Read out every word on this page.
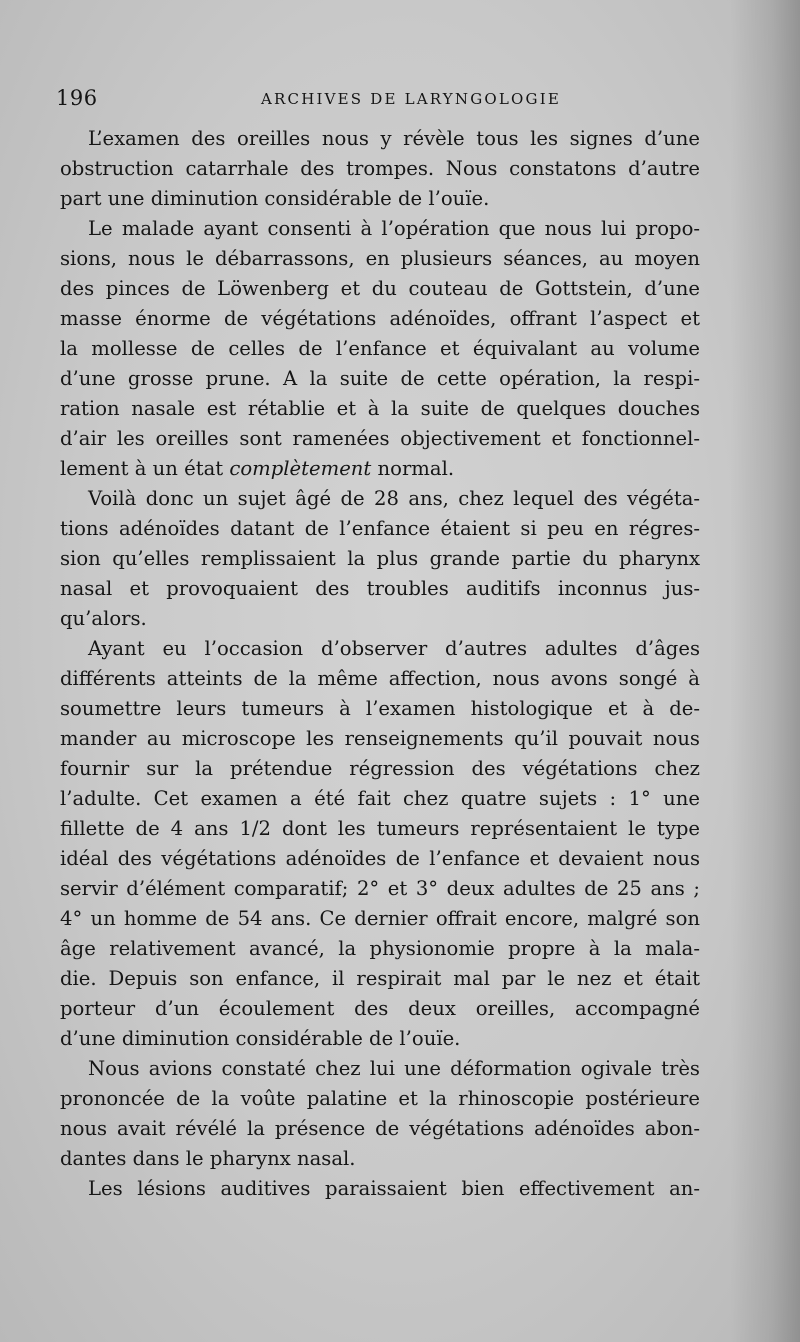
196	ARCHIVES DE LARYNGOLOGIE
L’examen des oreilles nous y révèle tous les signes d’une
obstruction catarrhale des trompes. Nous constatons d’autre
part une diminution considérable de l’ouïe.
Le malade ayant consenti à l’opération que nous lui propo-
sions, nous le débarrassons, en plusieurs séances, au moyen
des pinces de Löwenberg et du couteau de Gottstein, d’une
masse énorme de végétations adénoïdes, offrant l’aspect et
la mollesse de celles de l’enfance et équivalant au volume
d’une grosse prune. A la suite de cette opération, la respi-
ration nasale est rétablie et à la suite de quelques douches
d’air les oreilles sont ramenées objectivement et fonctionnel-
lement à un état complètement normal.
Voilà donc un sujet âgé de 28 ans, chez lequel des végéta-
tions adénoïdes datant de l’enfance étaient si peu en régres-
sion qu’elles remplissaient la plus grande partie du pharynx
nasal et provoquaient des troubles auditifs inconnus jus-
qu’alors.
Ayant eu l’occasion d’observer d’autres adultes d’âges
différents atteints de la même affection, nous avons songé à
soumettre leurs tumeurs à l’examen histologique et à de-
mander au microscope les renseignements qu’il pouvait nous
fournir sur la prétendue régression des végétations chez
l’adulte. Cet examen a été fait chez quatre sujets : 1° une
fillette de 4 ans 1/2 dont les tumeurs représentaient le type
idéal des végétations adénoïdes de l’enfance et devaient nous
servir d’élément comparatif; 2° et 3° deux adultes de 25 ans ;
4° un homme de 54 ans. Ce dernier offrait encore, malgré son
âge relativement avancé, la physionomie propre à la mala-
die. Depuis son enfance, il respirait mal par le nez et était
porteur d’un écoulement des deux oreilles, accompagné
d’une diminution considérable de l’ouïe.
Nous avions constaté chez lui une déformation ogivale très
prononcée de la voûte palatine et la rhinoscopie postérieure
nous avait révélé la présence de végétations adénoïdes abon-
dantes dans le pharynx nasal.
Les lésions auditives paraissaient bien effectivement an-
